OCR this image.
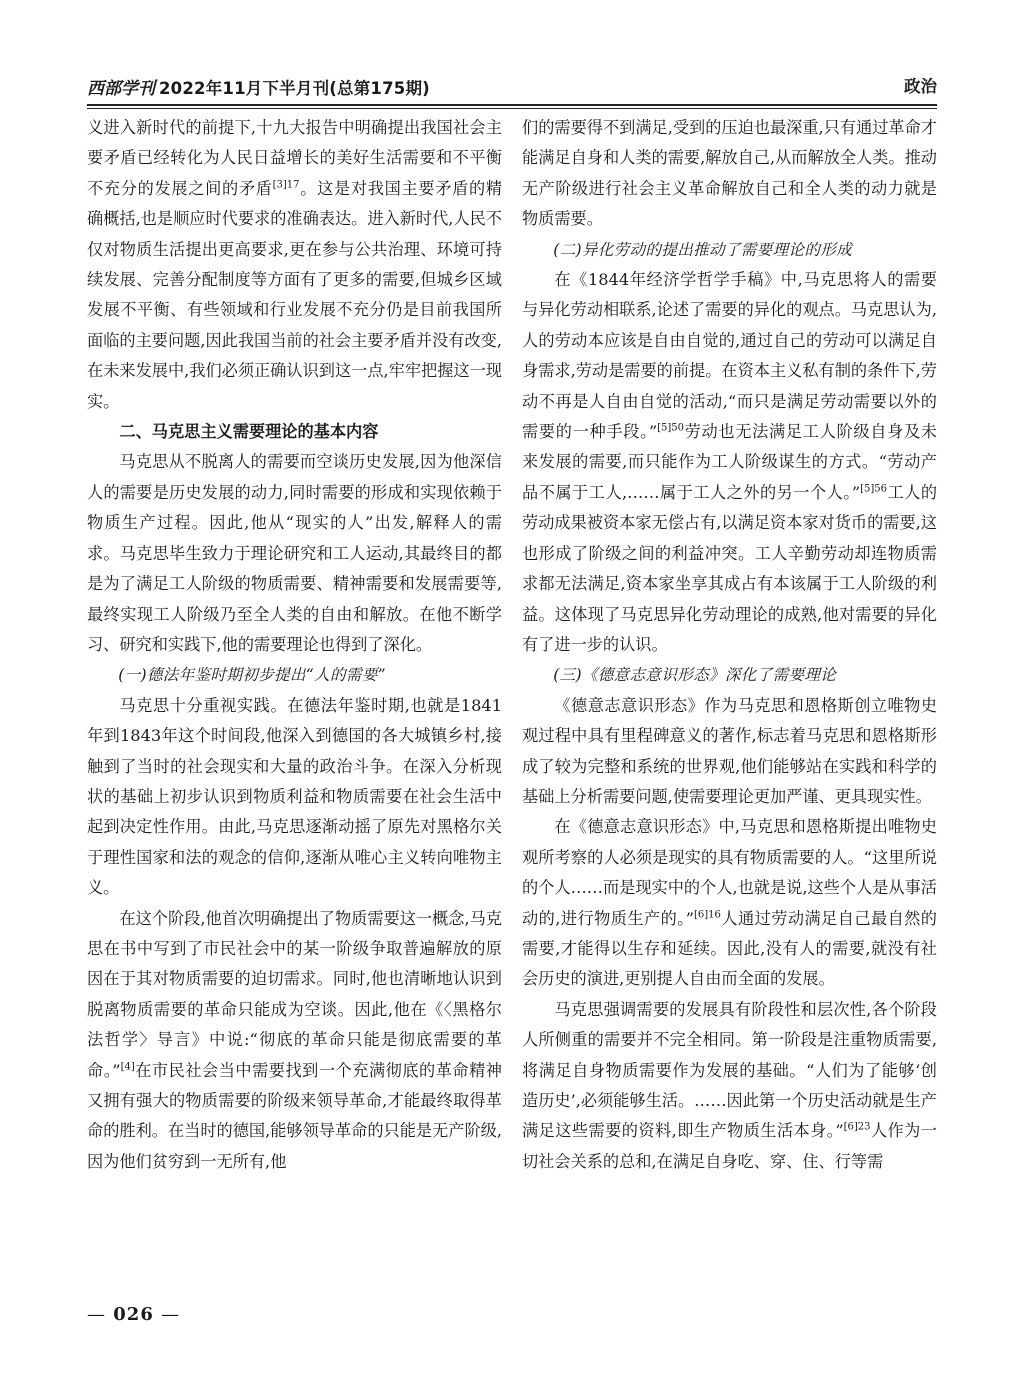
西部学刊 2022年11月下半月刊(总第175期)	政治

义进入新时代的前提下,十九大报告中明确提出我国社会主要矛盾已经转化为人民日益增长的美好生活需要和不平衡不充分的发展之间的矛盾$^{[3]17}$。这是对我国主要矛盾的精确概括,也是顺应时代要求的准确表达。进入新时代,人民不仅对物质生活提出更高要求,更在参与公共治理、环境可持续发展、完善分配制度等方面有了更多的需要,但城乡区域发展不平衡、有些领域和行业发展不充分仍是目前我国所面临的主要问题,因此我国当前的社会主要矛盾并没有改变,在未来发展中,我们必须正确认识到这一点,牢牢把握这一现实。

二、马克思主义需要理论的基本内容

马克思从不脱离人的需要而空谈历史发展,因为他深信人的需要是历史发展的动力,同时需要的形成和实现依赖于物质生产过程。因此,他从“现实的人”出发,解释人的需求。马克思毕生致力于理论研究和工人运动,其最终目的都是为了满足工人阶级的物质需要、精神需要和发展需要等,最终实现工人阶级乃至全人类的自由和解放。在他不断学习、研究和实践下,他的需要理论也得到了深化。

(一)德法年鉴时期初步提出“人的需要”

马克思十分重视实践。在德法年鉴时期,也就是1841年到1843年这个时间段,他深入到德国的各大城镇乡村,接触到了当时的社会现实和大量的政治斗争。在深入分析现状的基础上初步认识到物质利益和物质需要在社会生活中起到决定性作用。由此,马克思逐渐动摇了原先对黑格尔关于理性国家和法的观念的信仰,逐渐从唯心主义转向唯物主义。

在这个阶段,他首次明确提出了物质需要这一概念,马克思在书中写到了市民社会中的某一阶级争取普遍解放的原因在于其对物质需要的迫切需求。同时,他也清晰地认识到脱离物质需要的革命只能成为空谈。因此,他在《〈黑格尔法哲学〉导言》中说:“彻底的革命只能是彻底需要的革命。”[4]在市民社会当中需要找到一个充满彻底的革命精神又拥有强大的物质需要的阶级来领导革命,才能最终取得革命的胜利。在当时的德国,能够领导革命的只能是无产阶级,因为他们贫穷到一无所有,他

们的需要得不到满足,受到的压迫也最深重,只有通过革命才能满足自身和人类的需要,解放自己,从而解放全人类。推动无产阶级进行社会主义革命解放自己和全人类的动力就是物质需要。

(二)异化劳动的提出推动了需要理论的形成

在《1844年经济学哲学手稿》中,马克思将人的需要与异化劳动相联系,论述了需要的异化的观点。马克思认为,人的劳动本应该是自由自觉的,通过自己的劳动可以满足自身需求,劳动是需要的前提。在资本主义私有制的条件下,劳动不再是人自由自觉的活动,“而只是满足劳动需要以外的需要的一种手段。”$^{[5]50}$劳动也无法满足工人阶级自身及未来发展的需要,而只能作为工人阶级谋生的方式。“劳动产品不属于工人,……属于工人之外的另一个人。”$^{[5]56}$工人的劳动成果被资本家无偿占有,以满足资本家对货币的需要,这也形成了阶级之间的利益冲突。工人辛勤劳动却连物质需求都无法满足,资本家坐享其成占有本该属于工人阶级的利益。这体现了马克思异化劳动理论的成熟,他对需要的异化有了进一步的认识。

(三)《德意志意识形态》深化了需要理论

《德意志意识形态》作为马克思和恩格斯创立唯物史观过程中具有里程碑意义的著作,标志着马克思和恩格斯形成了较为完整和系统的世界观,他们能够站在实践和科学的基础上分析需要问题,使需要理论更加严谨、更具现实性。

在《德意志意识形态》中,马克思和恩格斯提出唯物史观所考察的人必须是现实的具有物质需要的人。“这里所说的个人……而是现实中的个人,也就是说,这些个人是从事活动的,进行物质生产的。”$^{[6]16}$人通过劳动满足自己最自然的需要,才能得以生存和延续。因此,没有人的需要,就没有社会历史的演进,更别提人自由而全面的发展。

马克思强调需要的发展具有阶段性和层次性,各个阶段人所侧重的需要并不完全相同。第一阶段是注重物质需要,将满足自身物质需要作为发展的基础。“人们为了能够‘创造历史’,必须能够生活。……因此第一个历史活动就是生产满足这些需要的资料,即生产物质生活本身。”$^{[6]23}$人作为一切社会关系的总和,在满足自身吃、穿、住、行等需

— 026 —
